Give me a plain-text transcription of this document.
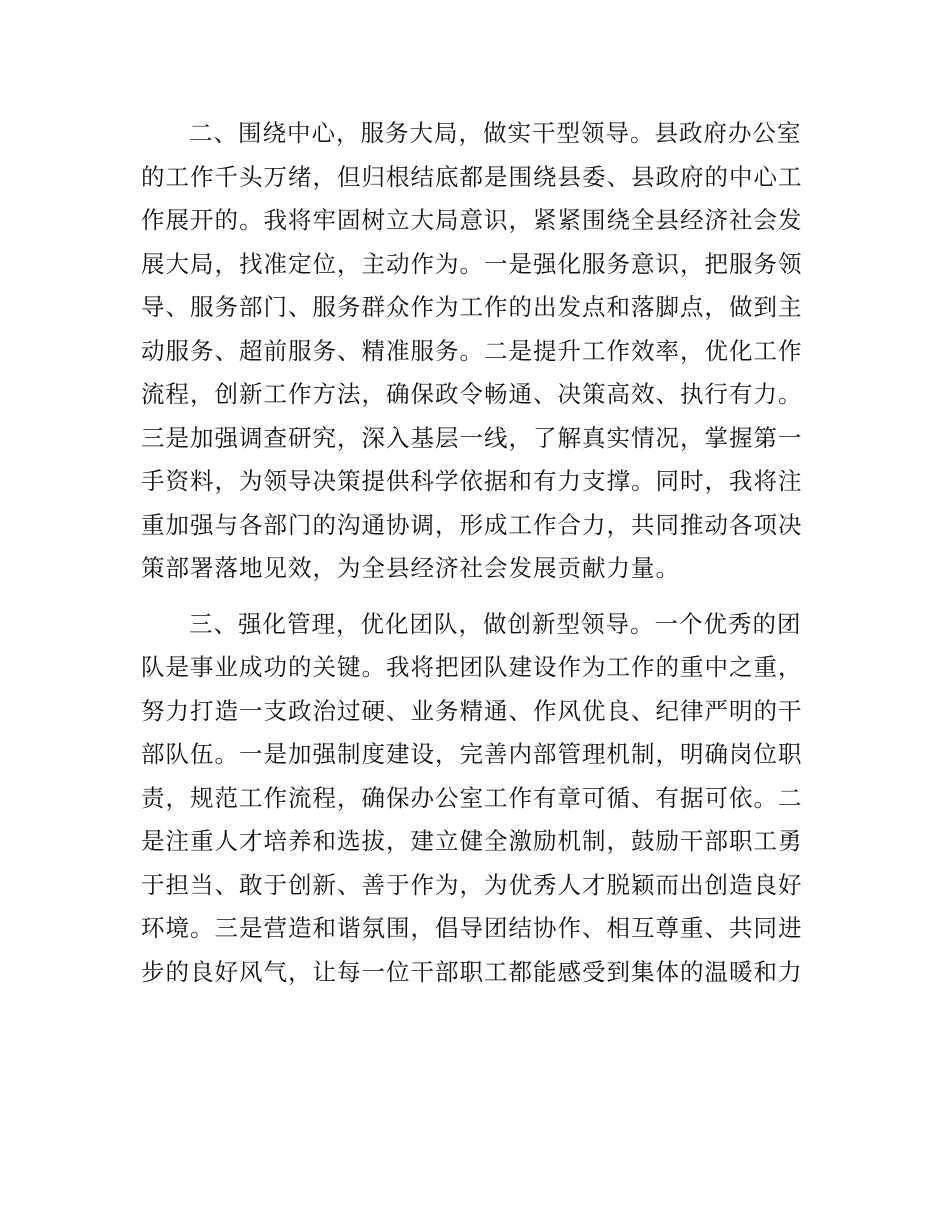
二、围绕中心，服务大局，做实干型领导。县政府办公室
的工作千头万绪，但归根结底都是围绕县委、县政府的中心工
作展开的。我将牢固树立大局意识，紧紧围绕全县经济社会发
展大局，找准定位，主动作为。一是强化服务意识，把服务领
导、服务部门、服务群众作为工作的出发点和落脚点，做到主
动服务、超前服务、精准服务。二是提升工作效率，优化工作
流程，创新工作方法，确保政令畅通、决策高效、执行有力。
三是加强调查研究，深入基层一线，了解真实情况，掌握第一
手资料，为领导决策提供科学依据和有力支撑。同时，我将注
重加强与各部门的沟通协调，形成工作合力，共同推动各项决
策部署落地见效，为全县经济社会发展贡献力量。

三、强化管理，优化团队，做创新型领导。一个优秀的团
队是事业成功的关键。我将把团队建设作为工作的重中之重，
努力打造一支政治过硬、业务精通、作风优良、纪律严明的干
部队伍。一是加强制度建设，完善内部管理机制，明确岗位职
责，规范工作流程，确保办公室工作有章可循、有据可依。二
是注重人才培养和选拔，建立健全激励机制，鼓励干部职工勇
于担当、敢于创新、善于作为，为优秀人才脱颖而出创造良好
环境。三是营造和谐氛围，倡导团结协作、相互尊重、共同进
步的良好风气，让每一位干部职工都能感受到集体的温暖和力
